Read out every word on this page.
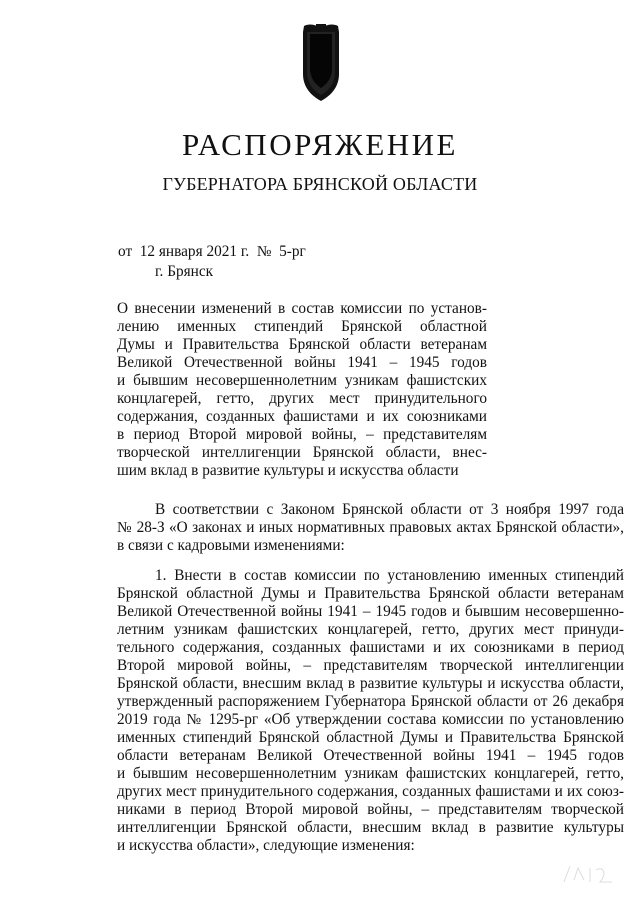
РАСПОРЯЖЕНИЕ
ГУБЕРНАТОРА БРЯНСКОЙ ОБЛАСТИ
от  12 января 2021 г.  №  5-рг
г. Брянск
О внесении изменений в состав комиссии по установ-
лению именных стипендий Брянской областной
Думы и Правительства Брянской области ветеранам
Великой Отечественной войны 1941 – 1945 годов
и бывшим несовершеннолетним узникам фашистских
концлагерей, гетто, других мест принудительного
содержания, созданных фашистами и их союзниками
в период Второй мировой войны, – представителям
творческой интеллигенции Брянской области, внес-
шим вклад в развитие культуры и искусства области
В соответствии с Законом Брянской области от 3 ноября 1997 года
№ 28-З «О законах и иных нормативных правовых актах Брянской области»,
в связи с кадровыми изменениями:
1. Внести в состав комиссии по установлению именных стипендий
Брянской областной Думы и Правительства Брянской области ветеранам
Великой Отечественной войны 1941 – 1945 годов и бывшим несовершенно-
летним узникам фашистских концлагерей, гетто, других мест принуди-
тельного содержания, созданных фашистами и их союзниками в период
Второй мировой войны, – представителям творческой интеллигенции
Брянской области, внесшим вклад в развитие культуры и искусства области,
утвержденный распоряжением Губернатора Брянской области от 26 декабря
2019 года № 1295-рг «Об утверждении состава комиссии по установлению
именных стипендий Брянской областной Думы и Правительства Брянской
области ветеранам Великой Отечественной войны 1941 – 1945 годов
и бывшим несовершеннолетним узникам фашистских концлагерей, гетто,
других мест принудительного содержания, созданных фашистами и их союз-
никами в период Второй мировой войны, – представителям творческой
интеллигенции Брянской области, внесшим вклад в развитие культуры
и искусства области», следующие изменения:
